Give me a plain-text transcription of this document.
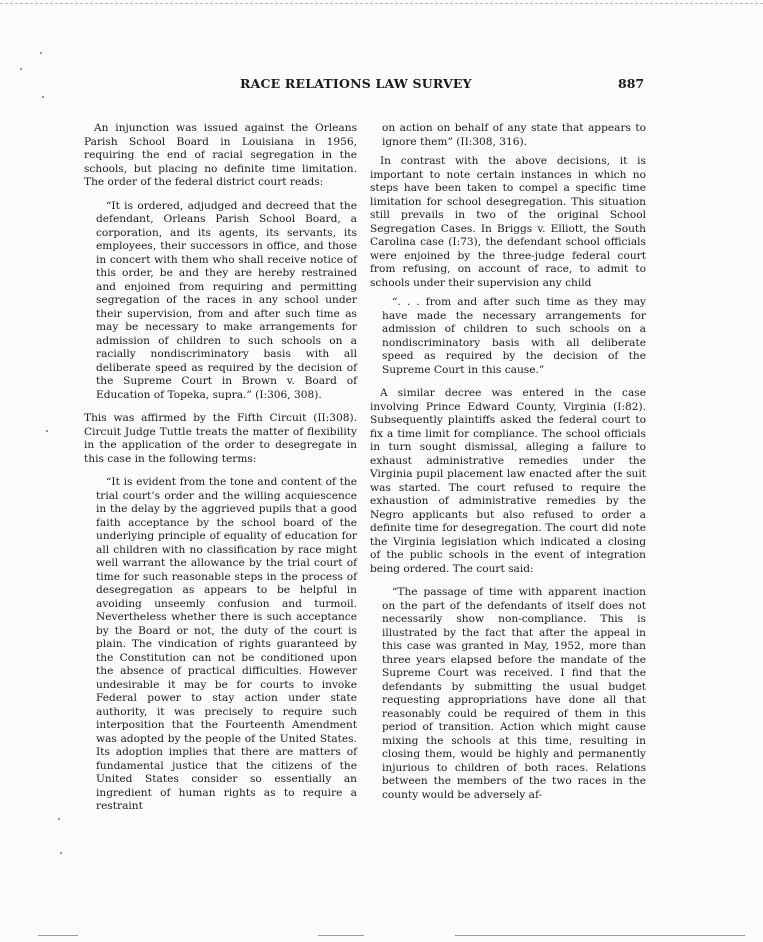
RACE RELATIONS LAW SURVEY	887

An injunction was issued against the Orleans Parish School Board in Louisiana in 1956, requiring the end of racial segregation in the schools, but placing no definite time limitation. The order of the federal district court reads:

“It is ordered, adjudged and decreed that the defendant, Orleans Parish School Board, a corporation, and its agents, its servants, its employees, their successors in office, and those in concert with them who shall receive notice of this order, be and they are hereby restrained and enjoined from requiring and permitting segregation of the races in any school under their supervision, from and after such time as may be necessary to make arrangements for admission of children to such schools on a racially nondiscriminatory basis with all deliberate speed as required by the decision of the Supreme Court in Brown v. Board of Education of Topeka, supra.” (I:306, 308).

This was affirmed by the Fifth Circuit (II:308). Circuit Judge Tuttle treats the matter of flexibility in the application of the order to desegregate in this case in the following terms:

“It is evident from the tone and content of the trial court’s order and the willing acquiescence in the delay by the aggrieved pupils that a good faith acceptance by the school board of the underlying principle of equality of education for all children with no classification by race might well warrant the allowance by the trial court of time for such reasonable steps in the process of desegregation as appears to be helpful in avoiding unseemly confusion and turmoil. Nevertheless whether there is such acceptance by the Board or not, the duty of the court is plain. The vindication of rights guaranteed by the Constitution can not be conditioned upon the absence of practical difficulties. However undesirable it may be for courts to invoke Federal power to stay action under state authority, it was precisely to require such interposition that the Fourteenth Amendment was adopted by the people of the United States. Its adoption implies that there are matters of fundamental justice that the citizens of the United States consider so essentially an ingredient of human rights as to require a restraint

on action on behalf of any state that appears to ignore them” (II:308, 316).

In contrast with the above decisions, it is important to note certain instances in which no steps have been taken to compel a specific time limitation for school desegregation. This situation still prevails in two of the original School Segregation Cases. In Briggs v. Elliott, the South Carolina case (I:73), the defendant school officials were enjoined by the three-judge federal court from refusing, on account of race, to admit to schools under their supervision any child

“. . . from and after such time as they may have made the necessary arrangements for admission of children to such schools on a nondiscriminatory basis with all deliberate speed as required by the decision of the Supreme Court in this cause.”

A similar decree was entered in the case involving Prince Edward County, Virginia (I:82). Subsequently plaintiffs asked the federal court to fix a time limit for compliance. The school officials in turn sought dismissal, alleging a failure to exhaust administrative remedies under the Virginia pupil placement law enacted after the suit was started. The court refused to require the exhaustion of administrative remedies by the Negro applicants but also refused to order a definite time for desegregation. The court did note the Virginia legislation which indicated a closing of the public schools in the event of integration being ordered. The court said:

“The passage of time with apparent inaction on the part of the defendants of itself does not necessarily show non-compliance. This is illustrated by the fact that after the appeal in this case was granted in May, 1952, more than three years elapsed before the mandate of the Supreme Court was received. I find that the defendants by submitting the usual budget requesting appropriations have done all that reasonably could be required of them in this period of transition. Action which might cause mixing the schools at this time, resulting in closing them, would be highly and permanently injurious to children of both races. Relations between the members of the two races in the county would be adversely af-
